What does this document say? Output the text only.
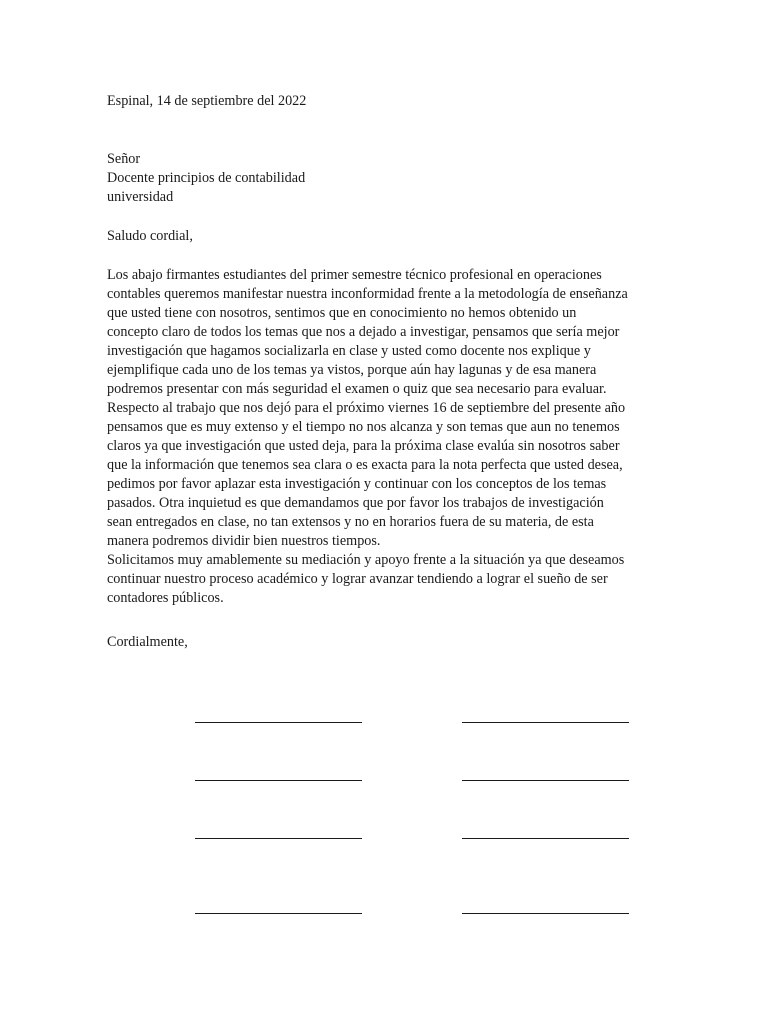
Espinal, 14 de septiembre del 2022
Señor
Docente principios de contabilidad
universidad
Saludo cordial,
Los abajo firmantes estudiantes del primer semestre técnico profesional en operaciones
contables queremos manifestar nuestra inconformidad frente a la metodología de enseñanza
que usted tiene con nosotros, sentimos que en conocimiento no hemos obtenido un
concepto claro de todos los temas que nos a dejado a investigar, pensamos que sería mejor
investigación que hagamos socializarla en clase y usted como docente nos explique y
ejemplifique cada uno de los temas ya vistos, porque aún hay lagunas y de esa manera
podremos presentar con más seguridad el examen o quiz que sea necesario para evaluar.
Respecto al trabajo que nos dejó para el próximo viernes 16 de septiembre del presente año
pensamos que es muy extenso y el tiempo no nos alcanza y son temas que aun no tenemos
claros ya que investigación que usted deja, para la próxima clase evalúa sin nosotros saber
que la información que tenemos sea clara o es exacta para la nota perfecta que usted desea,
pedimos por favor aplazar esta investigación y continuar con los conceptos de los temas
pasados. Otra inquietud es que demandamos que por favor los trabajos de investigación
sean entregados en clase, no tan extensos y no en horarios fuera de su materia, de esta
manera podremos dividir bien nuestros tiempos.
Solicitamos muy amablemente su mediación y apoyo frente a la situación ya que deseamos
continuar nuestro proceso académico y lograr avanzar tendiendo a lograr el sueño de ser
contadores públicos.
Cordialmente,
